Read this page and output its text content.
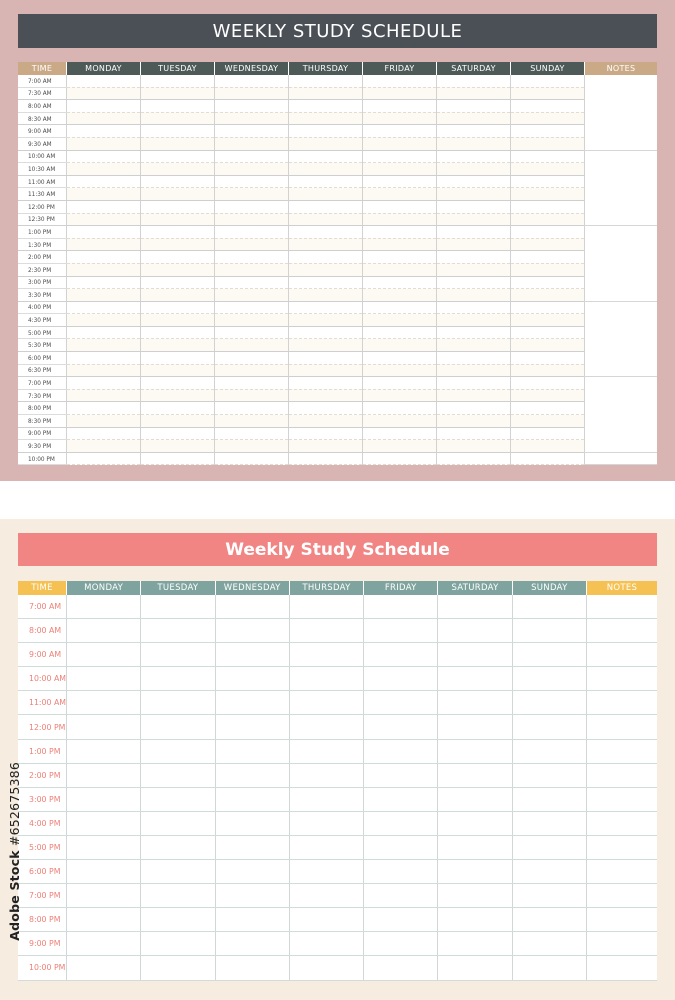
WEEKLY STUDY SCHEDULE
TIME	MONDAY	TUESDAY	WEDNESDAY	THURSDAY	FRIDAY	SATURDAY	SUNDAY	NOTES
7:00 AM								
7:30 AM								
8:00 AM								
8:30 AM								
9:00 AM								
9:30 AM								
10:00 AM								
10:30 AM								
11:00 AM								
11:30 AM								
12:00 PM								
12:30 PM								
1:00 PM								
1:30 PM								
2:00 PM								
2:30 PM								
3:00 PM								
3:30 PM								
4:00 PM								
4:30 PM								
5:00 PM								
5:30 PM								
6:00 PM								
6:30 PM								
7:00 PM								
7:30 PM								
8:00 PM								
8:30 PM								
9:00 PM								
9:30 PM								
10:00 PM								
Weekly Study Schedule
TIME	MONDAY	TUESDAY	WEDNESDAY	THURSDAY	FRIDAY	SATURDAY	SUNDAY	NOTES
7:00 AM								
8:00 AM								
9:00 AM								
10:00 AM								
11:00 AM								
12:00 PM								
1:00 PM								
2:00 PM								
3:00 PM								
4:00 PM								
5:00 PM								
6:00 PM								
7:00 PM								
8:00 PM								
9:00 PM								
10:00 PM								
Adobe Stock #652675386
